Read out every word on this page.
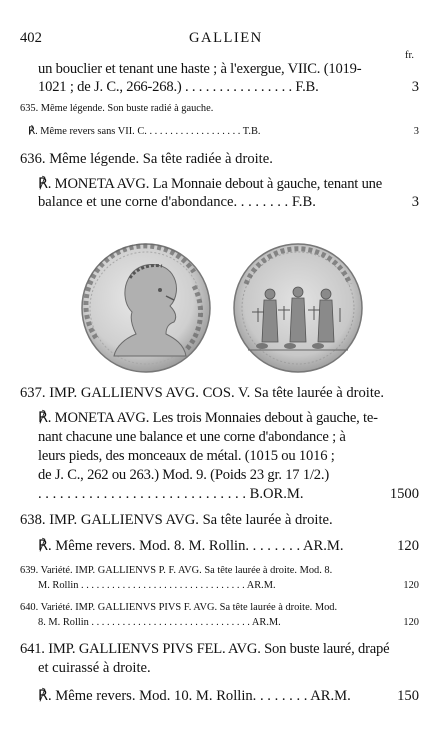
402	GALLIEN
fr.
un bouclier et tenant une haste ; à l'exergue, VIIC. (1019-
1021 ; de J. C., 266-268.) . . . . . . . . . . . . . . . . F.B.	3
635. Même légende. Son buste radié à gauche.
℟. Même revers sans VII. C. . . . . . . . . . . . . . . . . . . T.B.	3
636. Même légende. Sa tête radiée à droite.
℟. MONETA AVG. La Monnaie debout à gauche, tenant une
balance et une corne d'abondance. . . . . . . . F.B.	3
637. IMP. GALLIENVS AVG. COS. V. Sa tête laurée à droite.
℟. MONETA AVG. Les trois Monnaies debout à gauche, te-
nant chacune une balance et une corne d'abondance ; à
leurs pieds, des monceaux de métal. (1015 ou 1016 ;
de J. C., 262 ou 263.) Mod. 9. (Poids 23 gr. 17 1/2.)
. . . . . . . . . . . . . . . . . . . . . . . . . . . . . B.OR.M.	1500
638. IMP. GALLIENVS AVG. Sa tête laurée à droite.
℟. Même revers. Mod. 8. M. Rollin. . . . . . . . AR.M.	120
639. Variété. IMP. GALLIENVS P. F. AVG. Sa tête laurée à droite. Mod. 8.
M. Rollin . . . . . . . . . . . . . . . . . . . . . . . . . . . . . . . . AR.M.	120
640. Variété. IMP. GALLIENVS PIVS F. AVG. Sa tête laurée à droite. Mod.
8. M. Rollin . . . . . . . . . . . . . . . . . . . . . . . . . . . . . . . AR.M.	120
641. IMP. GALLIENVS PIVS FEL. AVG. Son buste lauré, drapé
et cuirassé à droite.
℟. Même revers. Mod. 10. M. Rollin. . . . . . . . AR.M.	150
